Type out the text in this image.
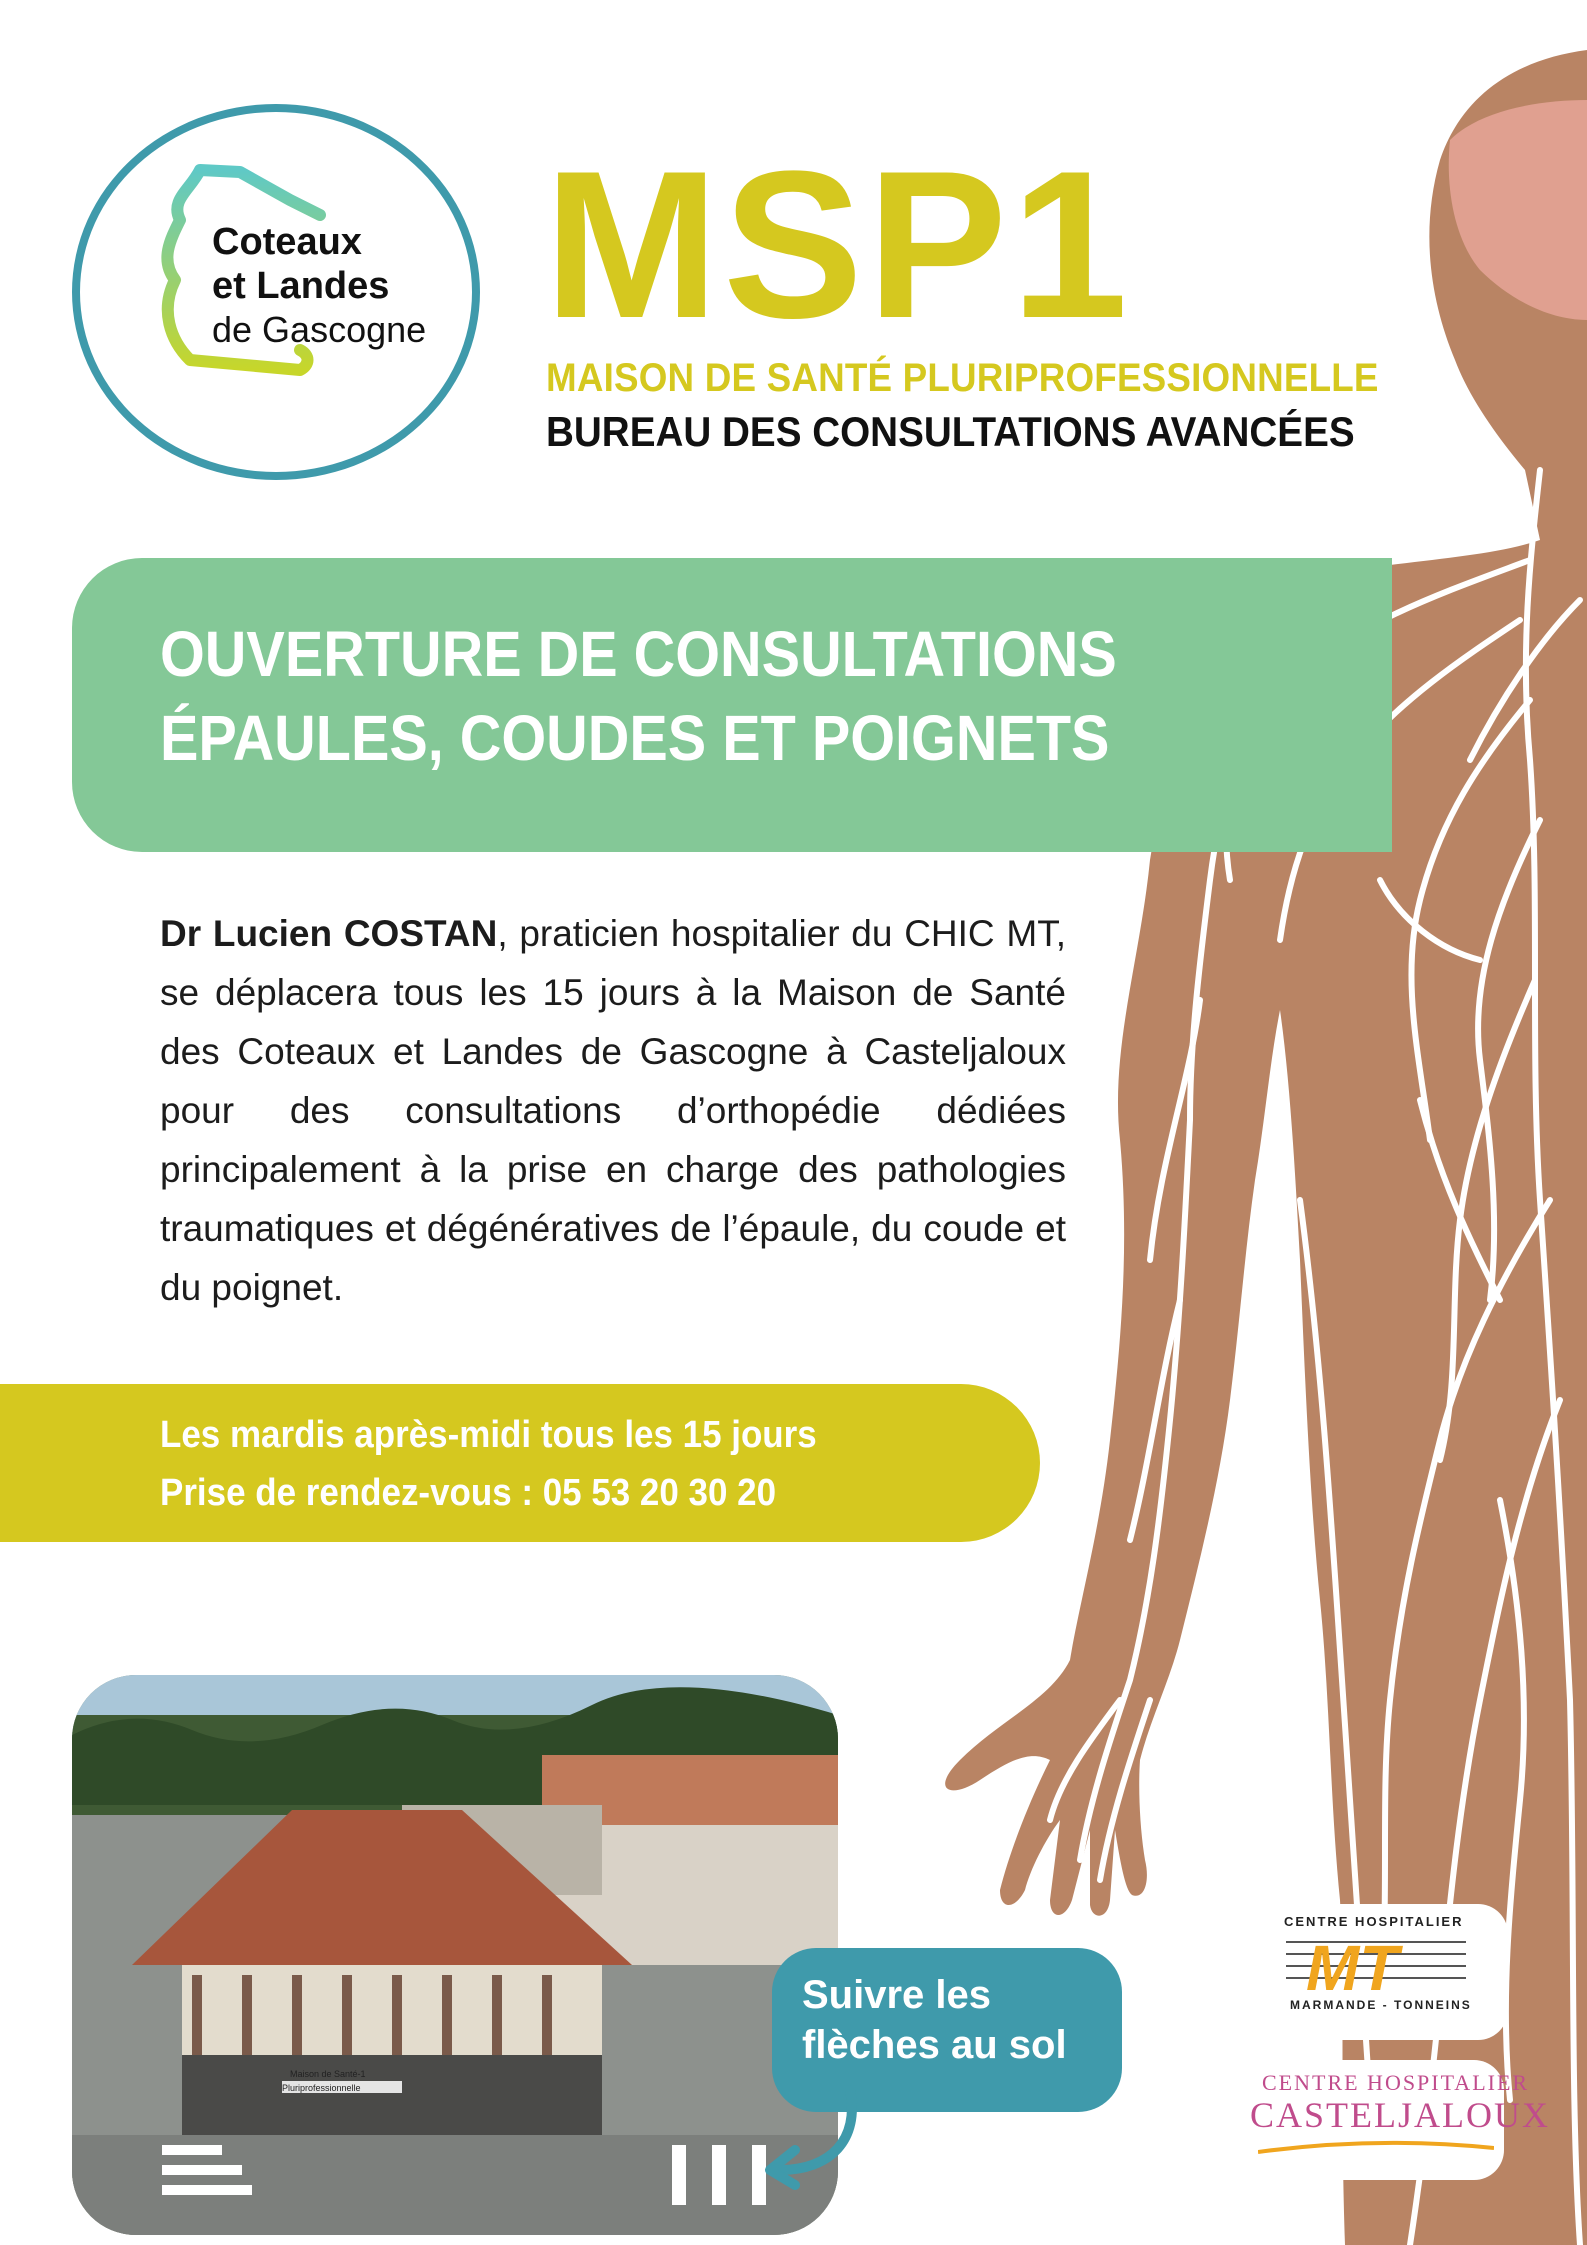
Coteaux
et Landes
de Gascogne MSP1
MAISON DE SANTÉ PLURIPROFESSIONNELLE
BUREAU DES CONSULTATIONS AVANCÉES
OUVERTURE DE CONSULTATIONS
ÉPAULES, COUDES ET POIGNETS
Dr Lucien COSTAN, praticien hospitalier du CHIC MT, se déplacera tous les 15 jours à la Maison de Santé des Coteaux et Landes de Gascogne à Casteljaloux pour des consultations d’orthopédie dédiées principalement à la prise en charge des pathologies traumatiques et dégénératives de l’épaule, du coude et du poignet.
Les mardis après-midi tous les 15 jours
Prise de rendez-vous : 05 53 20 30 20
Maison de Santé-1
Pluriprofessionnelle
Suivre les
flèches au sol
CENTRE HOSPITALIER
MT
MARMANDE - TONNEINS
CENTRE HOSPITALIER
CASTELJALOUX
